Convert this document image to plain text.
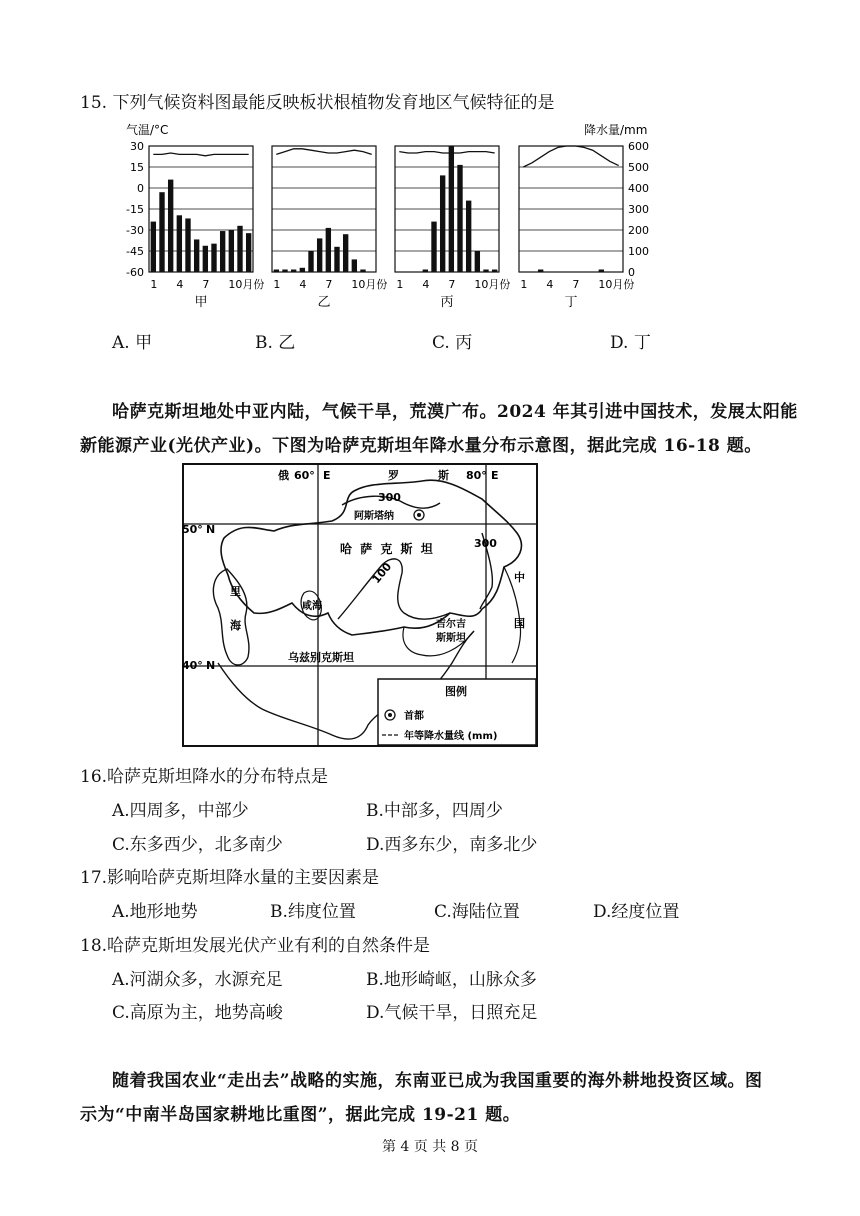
15. 下列气候资料图最能反映板状根植物发育地区气候特征的是
气温/°C	降水量/mm
30
15
0
-15
-30
-45
-60
600
500
400
300
200
100
0
1 4 7 10月份
甲
1 4 7 10月份
乙
1 4 7 10月份
丙
1 4 7 10月份
丁
A. 甲	B. 乙	C. 丙	D. 丁
哈萨克斯坦地处中亚内陆，气候干旱，荒漠广布。2024 年其引进中国技术，发展太阳能
新能源产业(光伏产业)。下图为哈萨克斯坦年降水量分布示意图，据此完成 16-18 题。
俄 60° E	罗	斯 80° E
50° N
40° N
300
300
100
阿斯塔纳
哈 萨 克 斯 坦
里
海
咸海
乌兹别克斯坦
吉尔吉
斯斯坦
中
国
图例
首都
年等降水量线 (mm)
16.哈萨克斯坦降水的分布特点是
A.四周多，中部少	B.中部多，四周少
C.东多西少，北多南少	D.西多东少，南多北少
17.影响哈萨克斯坦降水量的主要因素是
A.地形地势	B.纬度位置	C.海陆位置	D.经度位置
18.哈萨克斯坦发展光伏产业有利的自然条件是
A.河湖众多，水源充足	B.地形崎岖，山脉众多
C.高原为主，地势高峻	D.气候干旱，日照充足
随着我国农业“走出去”战略的实施，东南亚已成为我国重要的海外耕地投资区域。图
示为“中南半岛国家耕地比重图”，据此完成 19-21 题。
第 4 页 共 8 页
